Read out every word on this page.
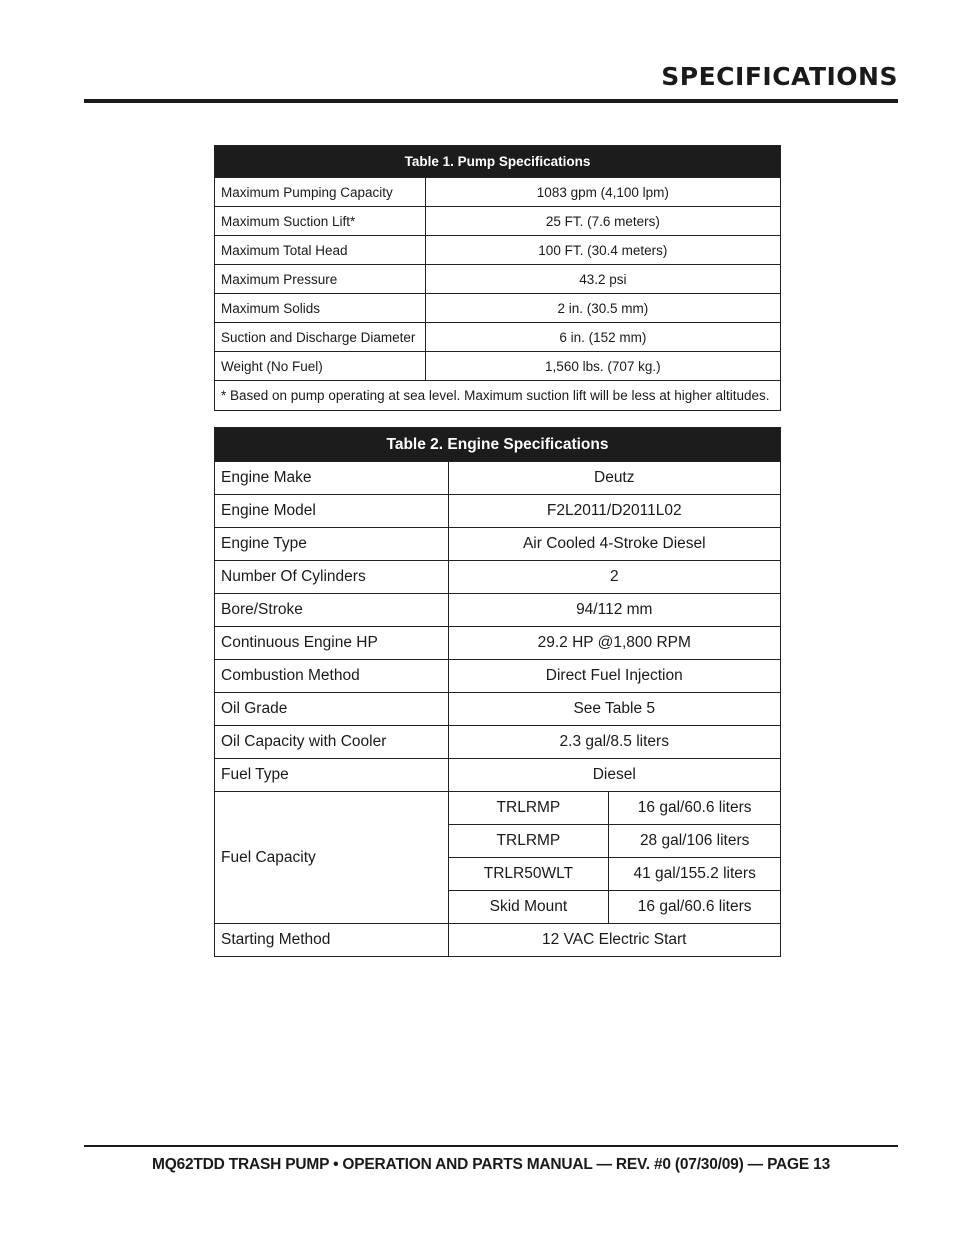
SPECIFICATIONS
Table 1. Pump Specifications	
Maximum Pumping Capacity	1083 gpm (4,100 lpm)
Maximum Suction Lift*	25 FT. (7.6 meters)
Maximum Total Head	100 FT. (30.4 meters)
Maximum Pressure	43.2 psi
Maximum Solids	2 in. (30.5 mm)
Suction and Discharge Diameter	6 in. (152 mm)
Weight (No Fuel)	1,560 lbs. (707 kg.)
* Based on pump operating at sea level. Maximum suction lift will be less at higher altitudes.	
Table 2. Engine Specifications		
Engine Make	Deutz	
Engine Model	F2L2011/D2011L02	
Engine Type	Air Cooled 4-Stroke Diesel	
Number Of Cylinders	2	
Bore/Stroke	94/112 mm	
Continuous Engine HP	29.2 HP @1,800 RPM	
Combustion Method	Direct Fuel Injection	
Oil Grade	See Table 5	
Oil Capacity with Cooler	2.3 gal/8.5 liters	
Fuel Type	Diesel	
Fuel Capacity	TRLRMP	16 gal/60.6 liters
	TRLRMP	28 gal/106 liters
	TRLR50WLT	41 gal/155.2 liters
	Skid Mount	16 gal/60.6 liters
Starting Method	12 VAC Electric Start	
MQ62TDD TRASH PUMP • OPERATION AND PARTS MANUAL — REV. #0 (07/30/09) — PAGE 13
